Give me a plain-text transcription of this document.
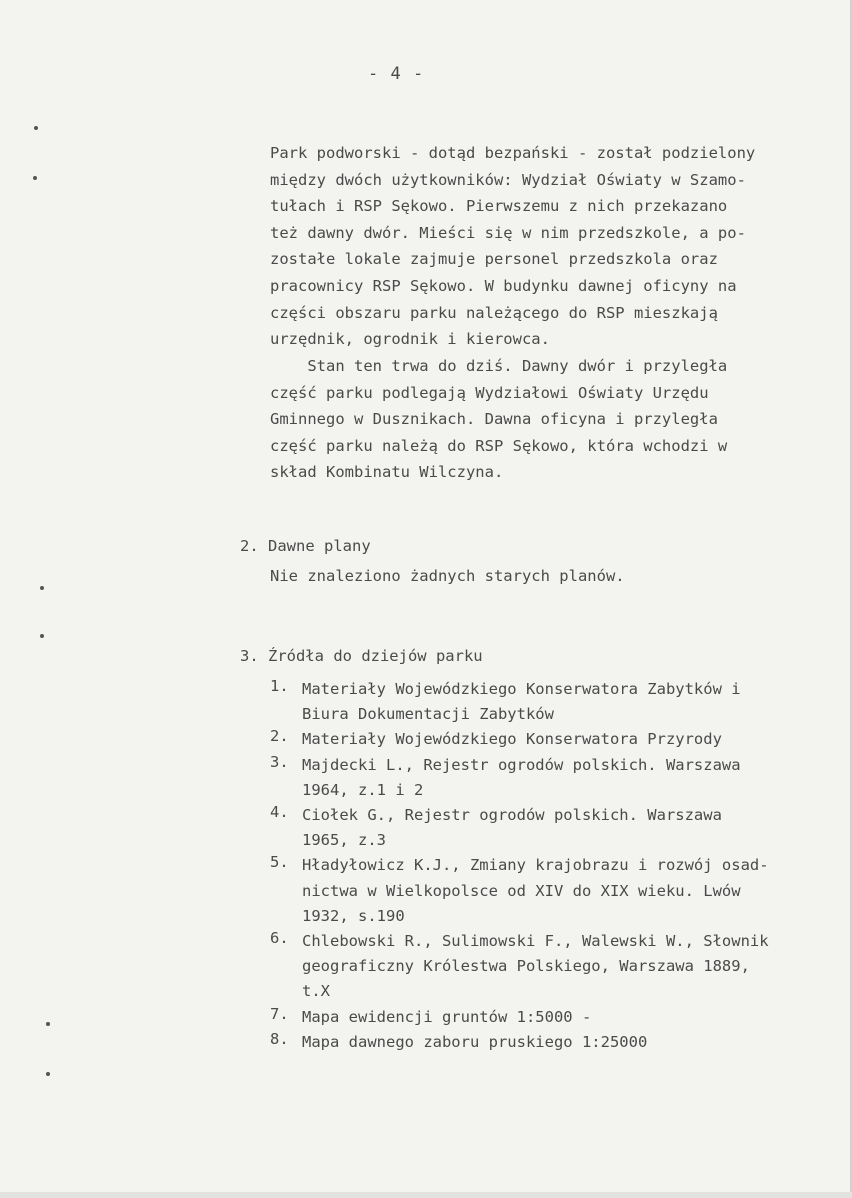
- 4 -
Park podworski - dotąd bezpański - został podzielony
między dwóch użytkowników: Wydział Oświaty w Szamo-
tułach i RSP Sękowo. Pierwszemu z nich przekazano
też dawny dwór. Mieści się w nim przedszkole, a po-
zostałe lokale zajmuje personel przedszkola oraz
pracownicy RSP Sękowo. W budynku dawnej oficyny na
części obszaru parku należącego do RSP mieszkają
urzędnik, ogrodnik i kierowca.
Stan ten trwa do dziś. Dawny dwór i przyległa
część parku podlegają Wydziałowi Oświaty Urzędu
Gminnego w Dusznikach. Dawna oficyna i przyległa
część parku należą do RSP Sękowo, która wchodzi w
skład Kombinatu Wilczyna.
2. Dawne plany
Nie znaleziono żadnych starych planów.
3. Źródła do dziejów parku
1. Materiały Wojewódzkiego Konserwatora Zabytków i
Biura Dokumentacji Zabytków
2. Materiały Wojewódzkiego Konserwatora Przyrody
3. Majdecki L., Rejestr ogrodów polskich. Warszawa
1964, z.1 i 2
4. Ciołek G., Rejestr ogrodów polskich. Warszawa
1965, z.3
5. Hładyłowicz K.J., Zmiany krajobrazu i rozwój osad-
nictwa w Wielkopolsce od XIV do XIX wieku. Lwów
1932, s.190
6. Chlebowski R., Sulimowski F., Walewski W., Słownik
geograficzny Królestwa Polskiego, Warszawa 1889,
t.X
7. Mapa ewidencji gruntów 1:5000 -
8. Mapa dawnego zaboru pruskiego 1:25000
